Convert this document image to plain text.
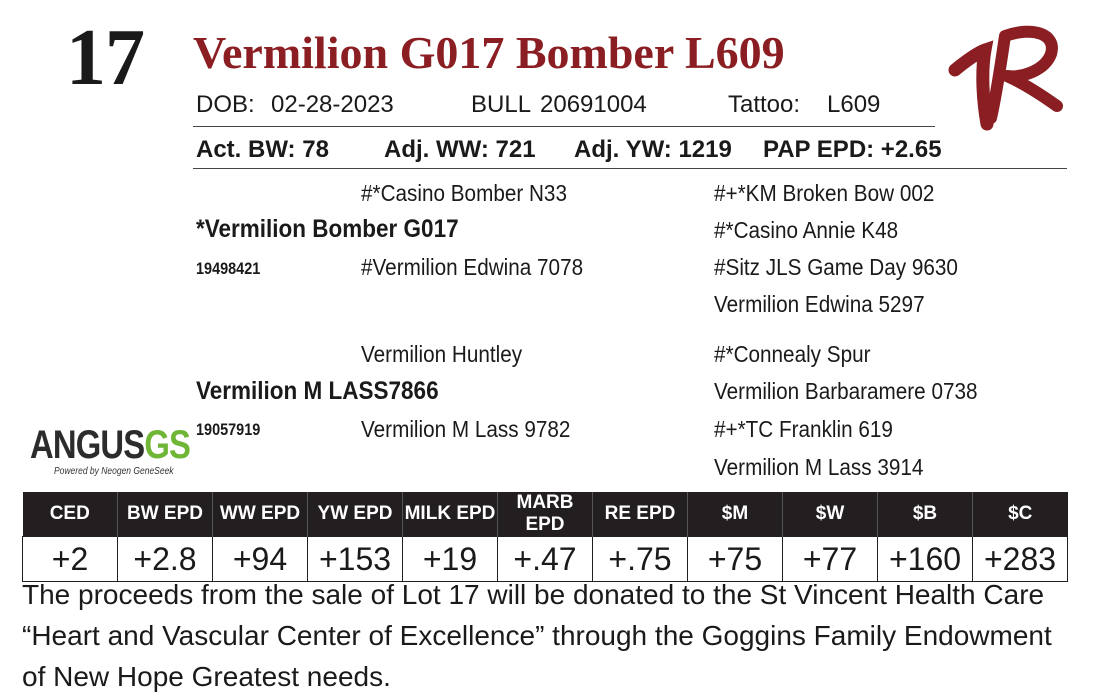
17 Vermilion G017 Bomber L609
DOB: 02-28-2023	BULL 20691004	Tattoo: L609
Act. BW: 78 Adj. WW: 721 Adj. YW: 1219 PAP EPD: +2.65
#*Casino Bomber N33
*Vermilion Bomber G017
19498421	#Vermilion Edwina 7078
#+*KM Broken Bow 002
#*Casino Annie K48
#Sitz JLS Game Day 9630
Vermilion Edwina 5297
Vermilion Huntley
Vermilion M LASS7866
19057919	Vermilion M Lass 9782
#*Connealy Spur
Vermilion Barbaramere 0738
#+*TC Franklin 619
Vermilion M Lass 3914
ANGUSGS
Powered by Neogen GeneSeek
CED	BW EPD	WW EPD	YW EPD	MILK EPD	MARB EPD	RE EPD	$M	$W	$B	$C
+2	+2.8	+94	+153	+19	+.47	+.75	+75	+77	+160	+283
The proceeds from the sale of Lot 17 will be donated to the St Vincent Health Care “Heart and Vascular Center of Excellence” through the Goggins Family Endowment of New Hope Greatest needs.
